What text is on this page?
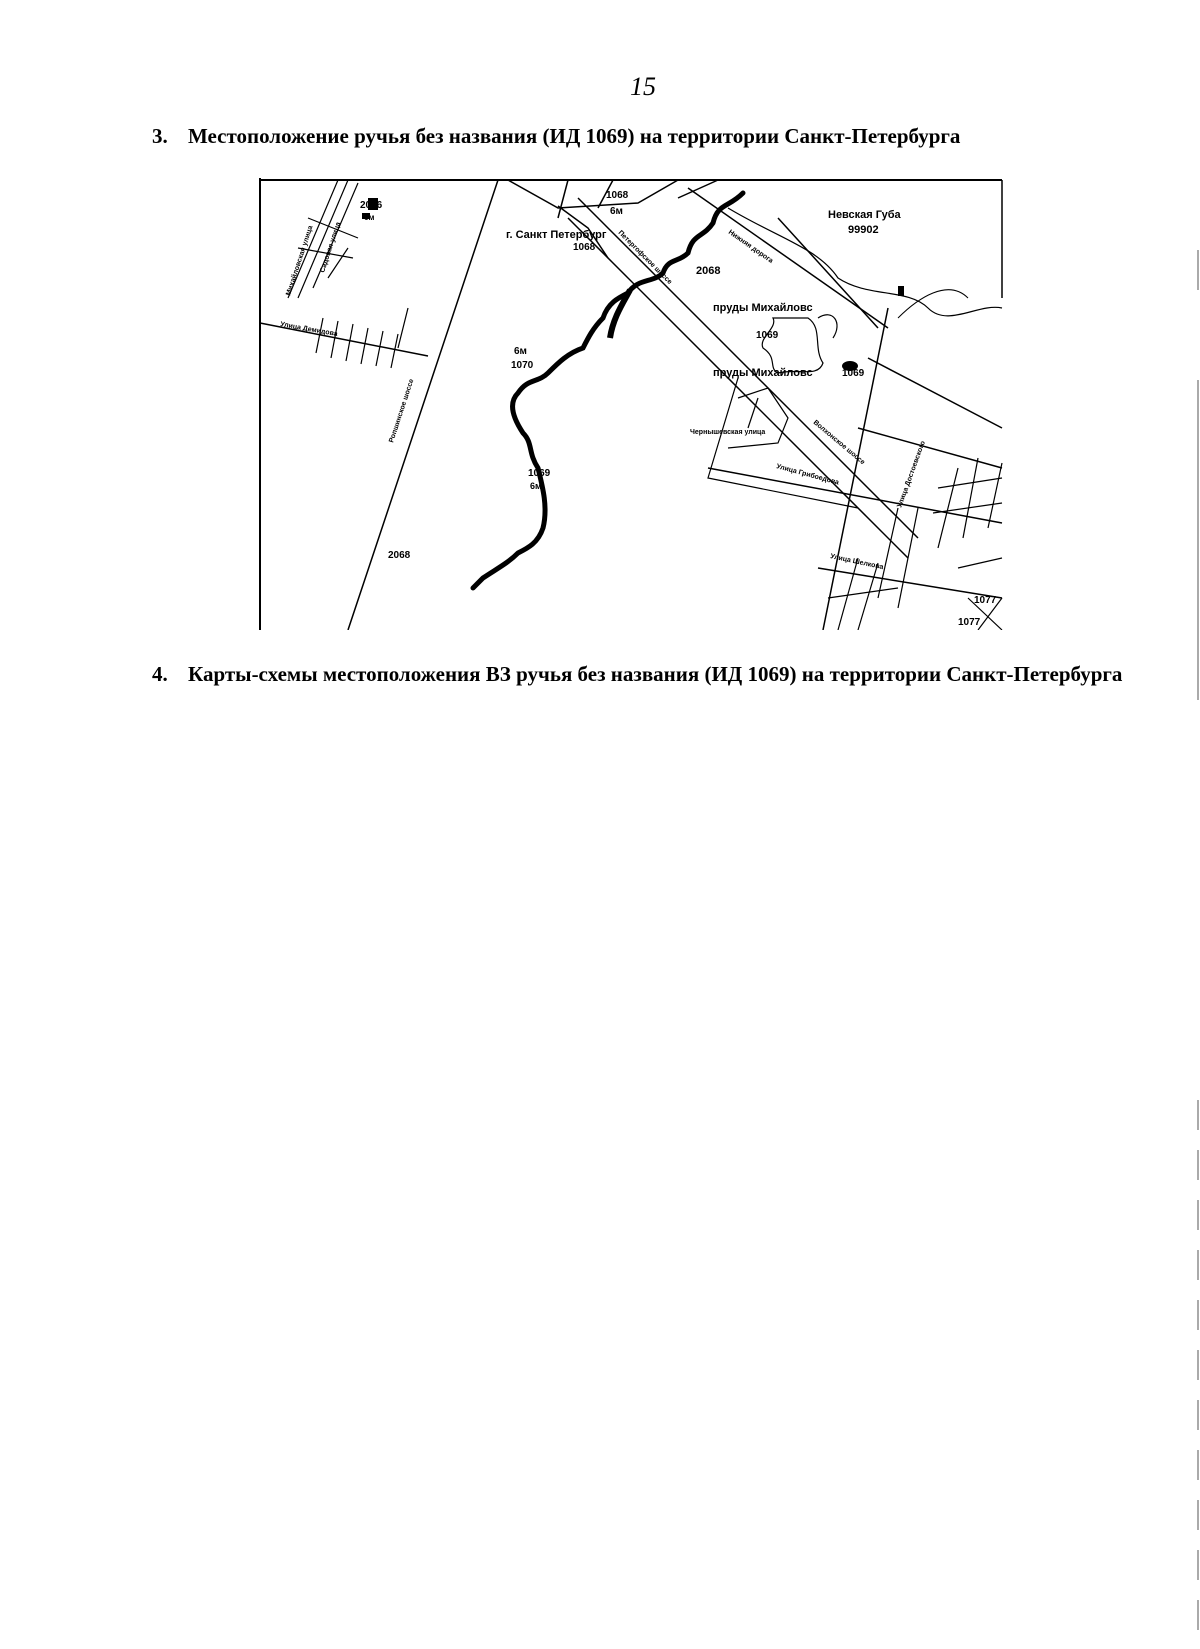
15
3. Местоположение ручья без названия (ИД 1069) на территории Санкт-Петербурга
Невская Губа
99902
г. Санкт Петербург
1068
1068
6м
2068
пруды Михайловс
1069
пруды Михайловс	1069
6м
1070
1069
6м
2068
1077
1077
2066
6м
Михайловская улица Садовая улица
Улица Демидова
Ропшинское шоссе
Петергофское шоссе	Нижняя дорога
Волхонское шоссе
Чернышевская улица
Улица Грибоедова	Улица Достоевского
Улица Шелкова
4. Карты-схемы местоположения ВЗ ручья без названия (ИД 1069) на территории Санкт-Петербурга
